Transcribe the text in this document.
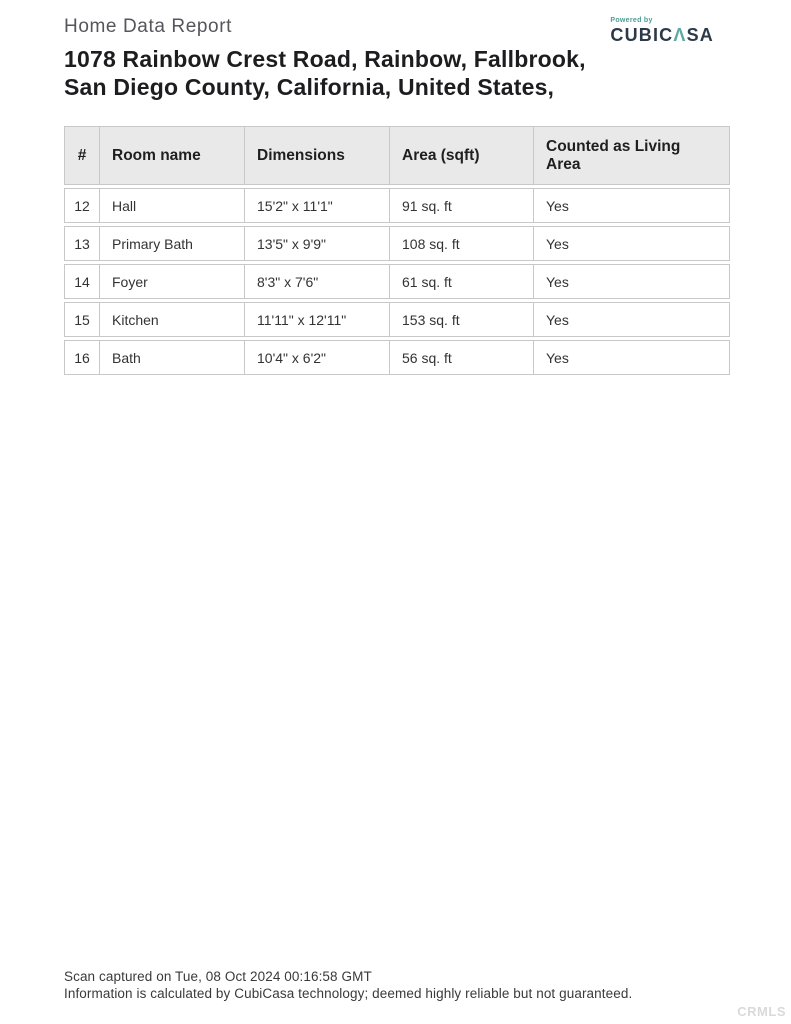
Home Data Report
1078 Rainbow Crest Road, Rainbow, Fallbrook,
San Diego County, California, United States,
Powered by
CUBICΛSA
#	Room name	Dimensions	Area (sqft)	Counted as Living Area
12	Hall	15'2" x 11'1"	91 sq. ft	Yes
13	Primary Bath	13'5" x 9'9"	108 sq. ft	Yes
14	Foyer	8'3" x 7'6"	61 sq. ft	Yes
15	Kitchen	11'11" x 12'11"	153 sq. ft	Yes
16	Bath	10'4" x 6'2"	56 sq. ft	Yes
Scan captured on Tue, 08 Oct 2024 00:16:58 GMT
Information is calculated by CubiCasa technology; deemed highly reliable but not guaranteed.
CRMLS
